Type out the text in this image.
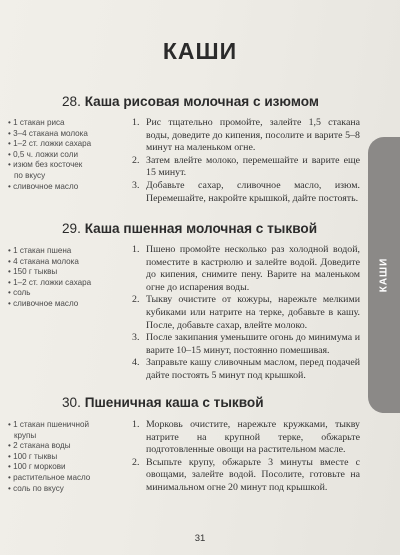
КАШИ
28. Каша рисовая молочная с изюмом
• 1 стакан риса
• 3–4 стакана молока
• 1–2 ст. ложки сахара
• 0,5 ч. ложки соли
• изюм без косточек
по вкусу
• сливочное масло
1. Рис тщательно промойте, залейте 1,5 стакана воды, доведите до кипения, посолите и варите 5–8 минут на маленьком огне.
2. Затем влейте молоко, перемешайте и варите еще 15 минут.
3. Добавьте сахар, сливочное масло, изюм. Перемешайте, накройте крышкой, дайте постоять.
29. Каша пшенная молочная с тыквой
• 1 стакан пшена
• 4 стакана молока
• 150 г тыквы
• 1–2 ст. ложки сахара
• соль
• сливочное масло
1. Пшено промойте несколько раз холодной водой, поместите в кастрюлю и залейте водой. Доведите до кипения, снимите пену. Варите на маленьком огне до испарения воды.
2. Тыкву очистите от кожуры, нарежьте мелкими кубиками или натрите на терке, добавьте в кашу. После, добавьте сахар, влейте молоко.
3. После закипания уменьшите огонь до минимума и варите 10–15 минут, постоянно помешивая.
4. Заправьте кашу сливочным маслом, перед подачей дайте постоять 5 минут под крышкой.
30. Пшеничная каша с тыквой
• 1 стакан пшеничной
крупы
• 2 стакана воды
• 100 г тыквы
• 100 г моркови
• растительное масло
• соль по вкусу
1. Морковь очистите, нарежьте кружками, тыкву натрите на крупной терке, обжарьте подготовленные овощи на растительном масле.
2. Всыпьте крупу, обжарьте 3 минуты вместе с овощами, залейте водой. Посолите, готовьте на минимальном огне 20 минут под крышкой.
КАШИ
31
